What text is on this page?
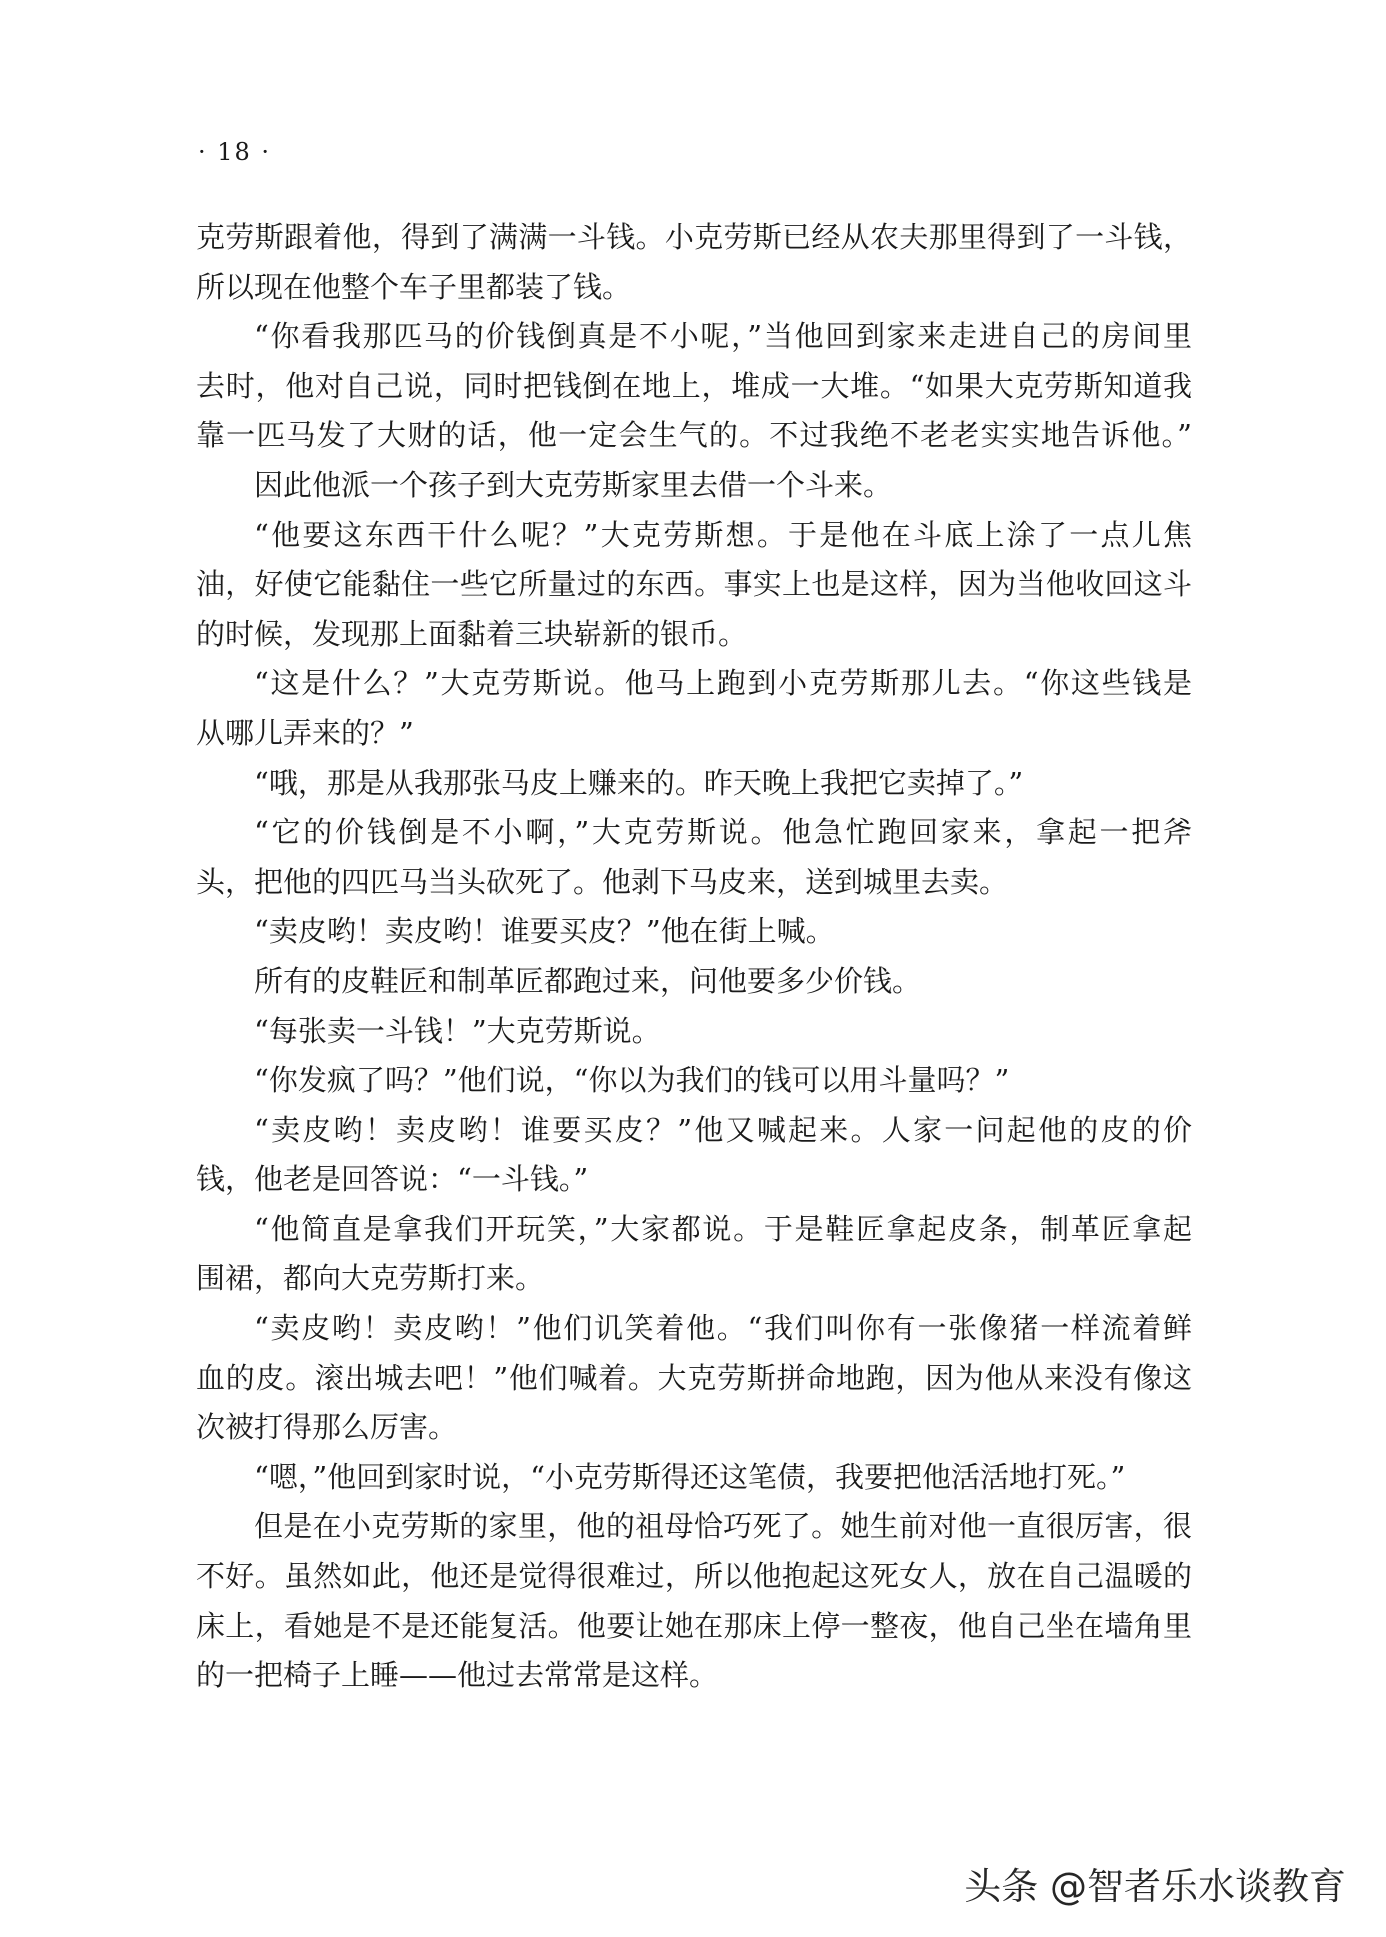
· 18 ·
克劳斯跟着他，得到了满满一斗钱。小克劳斯已经从农夫那里得到了一斗钱，
所以现在他整个车子里都装了钱。
“你看我那匹马的价钱倒真是不小呢，”当他回到家来走进自己的房间里
去时，他对自己说，同时把钱倒在地上，堆成一大堆。“如果大克劳斯知道我
靠一匹马发了大财的话，他一定会生气的。不过我绝不老老实实地告诉他。”
因此他派一个孩子到大克劳斯家里去借一个斗来。
“他要这东西干什么呢？”大克劳斯想。于是他在斗底上涂了一点儿焦
油，好使它能黏住一些它所量过的东西。事实上也是这样，因为当他收回这斗
的时候，发现那上面黏着三块崭新的银币。
“这是什么？”大克劳斯说。他马上跑到小克劳斯那儿去。“你这些钱是
从哪儿弄来的？”
“哦，那是从我那张马皮上赚来的。昨天晚上我把它卖掉了。”
“它的价钱倒是不小啊，”大克劳斯说。他急忙跑回家来，拿起一把斧
头，把他的四匹马当头砍死了。他剥下马皮来，送到城里去卖。
“卖皮哟！卖皮哟！谁要买皮？”他在街上喊。
所有的皮鞋匠和制革匠都跑过来，问他要多少价钱。
“每张卖一斗钱！”大克劳斯说。
“你发疯了吗？”他们说，“你以为我们的钱可以用斗量吗？”
“卖皮哟！卖皮哟！谁要买皮？”他又喊起来。人家一问起他的皮的价
钱，他老是回答说：“一斗钱。”
“他简直是拿我们开玩笑，”大家都说。于是鞋匠拿起皮条，制革匠拿起
围裙，都向大克劳斯打来。
“卖皮哟！卖皮哟！”他们讥笑着他。“我们叫你有一张像猪一样流着鲜
血的皮。滚出城去吧！”他们喊着。大克劳斯拼命地跑，因为他从来没有像这
次被打得那么厉害。
“嗯，”他回到家时说，“小克劳斯得还这笔债，我要把他活活地打死。”
但是在小克劳斯的家里，他的祖母恰巧死了。她生前对他一直很厉害，很
不好。虽然如此，他还是觉得很难过，所以他抱起这死女人，放在自己温暖的
床上，看她是不是还能复活。他要让她在那床上停一整夜，他自己坐在墙角里
的一把椅子上睡——他过去常常是这样。
头条 @智者乐水谈教育
